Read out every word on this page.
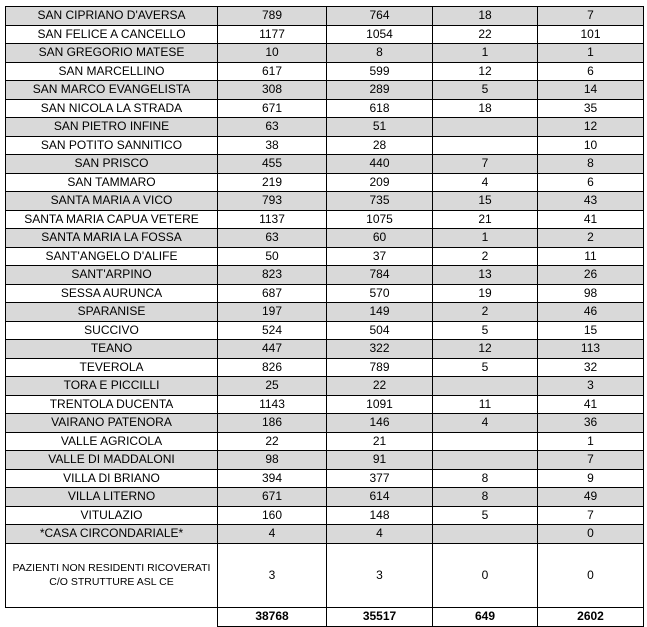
SAN CIPRIANO D'AVERSA	789	764	18	7
SAN FELICE A CANCELLO	1177	1054	22	101
SAN GREGORIO MATESE	10	8	1	1
SAN MARCELLINO	617	599	12	6
SAN MARCO EVANGELISTA	308	289	5	14
SAN NICOLA LA STRADA	671	618	18	35
SAN PIETRO INFINE	63	51		12
SAN POTITO SANNITICO	38	28		10
SAN PRISCO	455	440	7	8
SAN TAMMARO	219	209	4	6
SANTA MARIA A VICO	793	735	15	43
SANTA MARIA CAPUA VETERE	1137	1075	21	41
SANTA MARIA LA FOSSA	63	60	1	2
SANT'ANGELO D'ALIFE	50	37	2	11
SANT'ARPINO	823	784	13	26
SESSA AURUNCA	687	570	19	98
SPARANISE	197	149	2	46
SUCCIVO	524	504	5	15
TEANO	447	322	12	113
TEVEROLA	826	789	5	32
TORA E PICCILLI	25	22		3
TRENTOLA DUCENTA	1143	1091	11	41
VAIRANO PATENORA	186	146	4	36
VALLE AGRICOLA	22	21		1
VALLE DI MADDALONI	98	91		7
VILLA DI BRIANO	394	377	8	9
VILLA LITERNO	671	614	8	49
VITULAZIO	160	148	5	7
*CASA CIRCONDARIALE*	4	4		0
PAZIENTI NON RESIDENTI RICOVERATI C/O STRUTTURE ASL CE	3	3	0	0
	38768	35517	649	2602
